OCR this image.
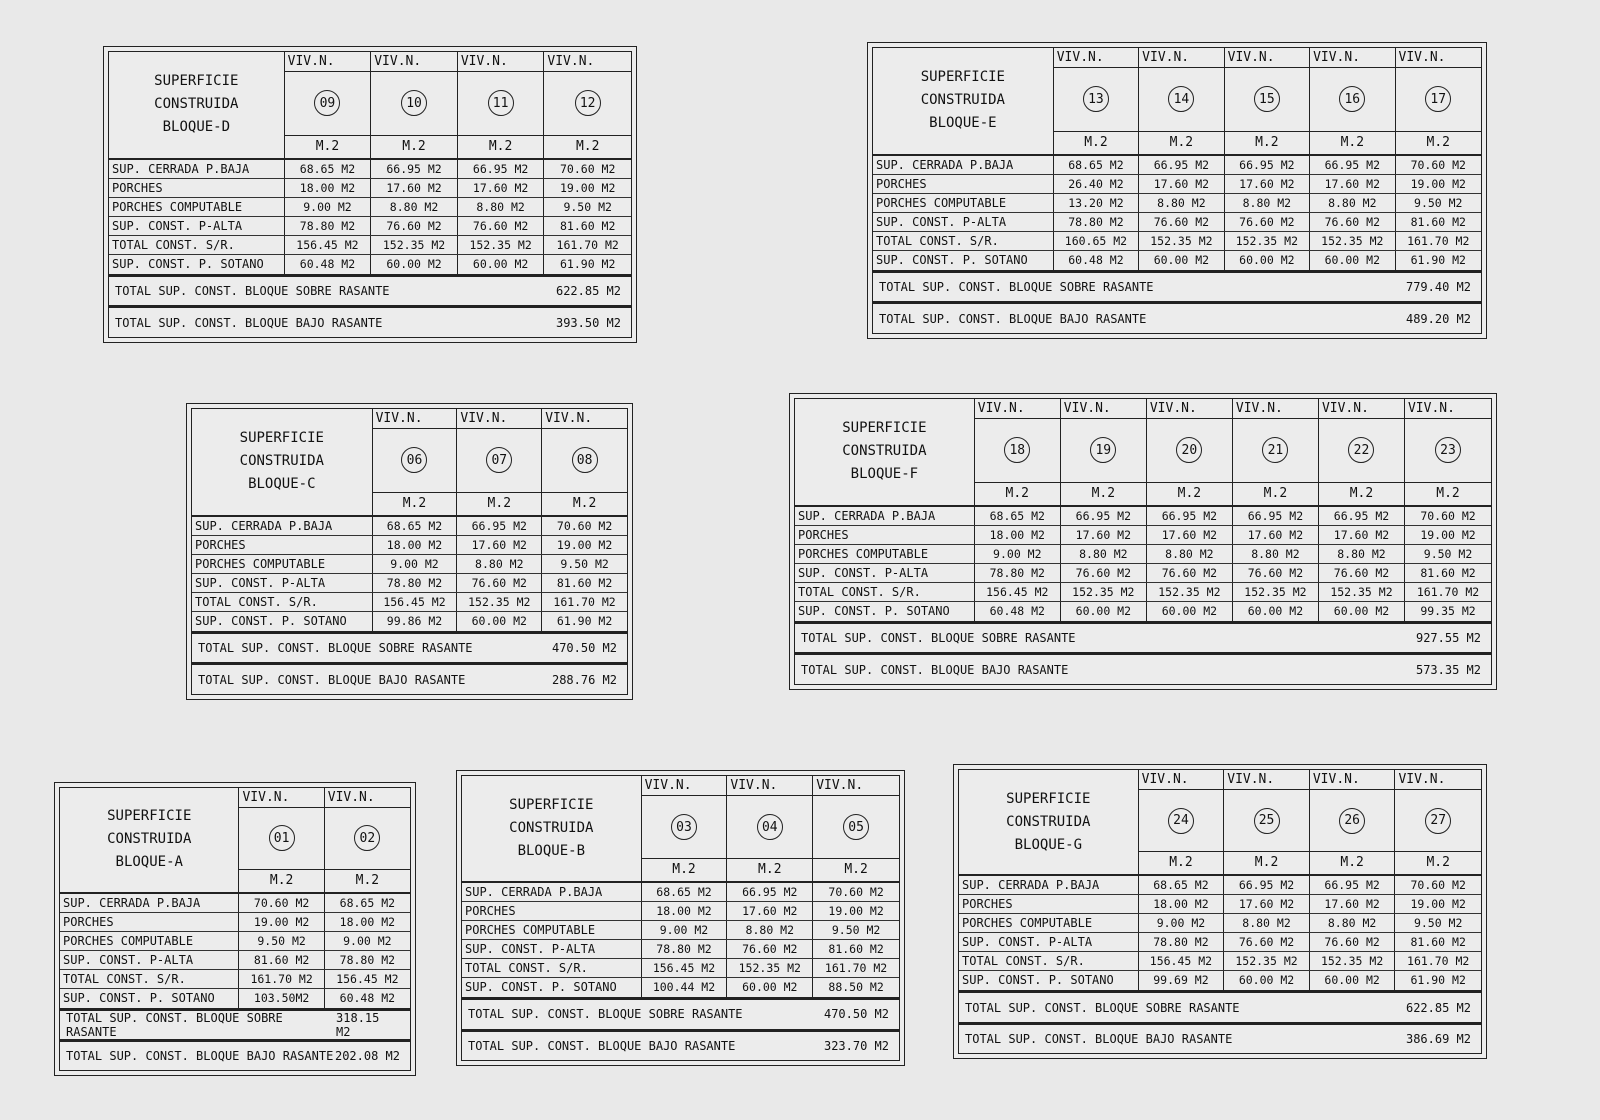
SUPERFICIE
CONSTRUIDA
BLOQUE-D
VIV.N.
09
M.2
VIV.N.
10
M.2
VIV.N.
11
M.2
VIV.N.
12
M.2
SUP. CERRADA P.BAJA	68.65 M2	66.95 M2	66.95 M2	70.60 M2
PORCHES	18.00 M2	17.60 M2	17.60 M2	19.00 M2
PORCHES COMPUTABLE	9.00 M2	8.80 M2	8.80 M2	9.50 M2
SUP. CONST. P-ALTA	78.80 M2	76.60 M2	76.60 M2	81.60 M2
TOTAL CONST. S/R.	156.45 M2	152.35 M2	152.35 M2	161.70 M2
SUP. CONST. P. SOTANO	60.48 M2	60.00 M2	60.00 M2	61.90 M2
TOTAL SUP. CONST. BLOQUE SOBRE RASANTE	622.85 M2
TOTAL SUP. CONST. BLOQUE BAJO RASANTE	393.50 M2
SUPERFICIE
CONSTRUIDA
BLOQUE-E
VIV.N.
13
M.2
VIV.N.
14
M.2
VIV.N.
15
M.2
VIV.N.
16
M.2
VIV.N.
17
M.2
SUP. CERRADA P.BAJA	68.65 M2	66.95 M2	66.95 M2	66.95 M2	70.60 M2
PORCHES	26.40 M2	17.60 M2	17.60 M2	17.60 M2	19.00 M2
PORCHES COMPUTABLE	13.20 M2	8.80 M2	8.80 M2	8.80 M2	9.50 M2
SUP. CONST. P-ALTA	78.80 M2	76.60 M2	76.60 M2	76.60 M2	81.60 M2
TOTAL CONST. S/R.	160.65 M2	152.35 M2	152.35 M2	152.35 M2	161.70 M2
SUP. CONST. P. SOTANO	60.48 M2	60.00 M2	60.00 M2	60.00 M2	61.90 M2
TOTAL SUP. CONST. BLOQUE SOBRE RASANTE	779.40 M2
TOTAL SUP. CONST. BLOQUE BAJO RASANTE	489.20 M2
SUPERFICIE
CONSTRUIDA
BLOQUE-C
VIV.N.
06
M.2
VIV.N.
07
M.2
VIV.N.
08
M.2
SUP. CERRADA P.BAJA	68.65 M2	66.95 M2	70.60 M2
PORCHES	18.00 M2	17.60 M2	19.00 M2
PORCHES COMPUTABLE	9.00 M2	8.80 M2	9.50 M2
SUP. CONST. P-ALTA	78.80 M2	76.60 M2	81.60 M2
TOTAL CONST. S/R.	156.45 M2	152.35 M2	161.70 M2
SUP. CONST. P. SOTANO	99.86 M2	60.00 M2	61.90 M2
TOTAL SUP. CONST. BLOQUE SOBRE RASANTE	470.50 M2
TOTAL SUP. CONST. BLOQUE BAJO RASANTE	288.76 M2
SUPERFICIE
CONSTRUIDA
BLOQUE-F
VIV.N.
18
M.2
VIV.N.
19
M.2
VIV.N.
20
M.2
VIV.N.
21
M.2
VIV.N.
22
M.2
VIV.N.
23
M.2
SUP. CERRADA P.BAJA	68.65 M2	66.95 M2	66.95 M2	66.95 M2	66.95 M2	70.60 M2
PORCHES	18.00 M2	17.60 M2	17.60 M2	17.60 M2	17.60 M2	19.00 M2
PORCHES COMPUTABLE	9.00 M2	8.80 M2	8.80 M2	8.80 M2	8.80 M2	9.50 M2
SUP. CONST. P-ALTA	78.80 M2	76.60 M2	76.60 M2	76.60 M2	76.60 M2	81.60 M2
TOTAL CONST. S/R.	156.45 M2	152.35 M2	152.35 M2	152.35 M2	152.35 M2	161.70 M2
SUP. CONST. P. SOTANO	60.48 M2	60.00 M2	60.00 M2	60.00 M2	60.00 M2	99.35 M2
TOTAL SUP. CONST. BLOQUE SOBRE RASANTE	927.55 M2
TOTAL SUP. CONST. BLOQUE BAJO RASANTE	573.35 M2
SUPERFICIE
CONSTRUIDA
BLOQUE-A
VIV.N.
01
M.2
VIV.N.
02
M.2
SUP. CERRADA P.BAJA	70.60 M2	68.65 M2
PORCHES	19.00 M2	18.00 M2
PORCHES COMPUTABLE	9.50 M2	9.00 M2
SUP. CONST. P-ALTA	81.60 M2	78.80 M2
TOTAL CONST. S/R.	161.70 M2	156.45 M2
SUP. CONST. P. SOTANO	103.50M2	60.48 M2
TOTAL SUP. CONST. BLOQUE SOBRE RASANTE
318.15 M2
TOTAL SUP. CONST. BLOQUE BAJO RASANTE 202.08 M2
SUPERFICIE
CONSTRUIDA
BLOQUE-B
VIV.N.
03
M.2
VIV.N.
04
M.2
VIV.N.
05
M.2
SUP. CERRADA P.BAJA	68.65 M2	66.95 M2	70.60 M2
PORCHES	18.00 M2	17.60 M2	19.00 M2
PORCHES COMPUTABLE	9.00 M2	8.80 M2	9.50 M2
SUP. CONST. P-ALTA	78.80 M2	76.60 M2	81.60 M2
TOTAL CONST. S/R.	156.45 M2	152.35 M2	161.70 M2
SUP. CONST. P. SOTANO	100.44 M2	60.00 M2	88.50 M2
TOTAL SUP. CONST. BLOQUE SOBRE RASANTE	470.50 M2
TOTAL SUP. CONST. BLOQUE BAJO RASANTE	323.70 M2
SUPERFICIE
CONSTRUIDA
BLOQUE-G
VIV.N.
24
M.2
VIV.N.
25
M.2
VIV.N.
26
M.2
VIV.N.
27
M.2
SUP. CERRADA P.BAJA	68.65 M2	66.95 M2	66.95 M2	70.60 M2
PORCHES	18.00 M2	17.60 M2	17.60 M2	19.00 M2
PORCHES COMPUTABLE	9.00 M2	8.80 M2	8.80 M2	9.50 M2
SUP. CONST. P-ALTA	78.80 M2	76.60 M2	76.60 M2	81.60 M2
TOTAL CONST. S/R.	156.45 M2	152.35 M2	152.35 M2	161.70 M2
SUP. CONST. P. SOTANO	99.69 M2	60.00 M2	60.00 M2	61.90 M2
TOTAL SUP. CONST. BLOQUE SOBRE RASANTE	622.85 M2
TOTAL SUP. CONST. BLOQUE BAJO RASANTE	386.69 M2
